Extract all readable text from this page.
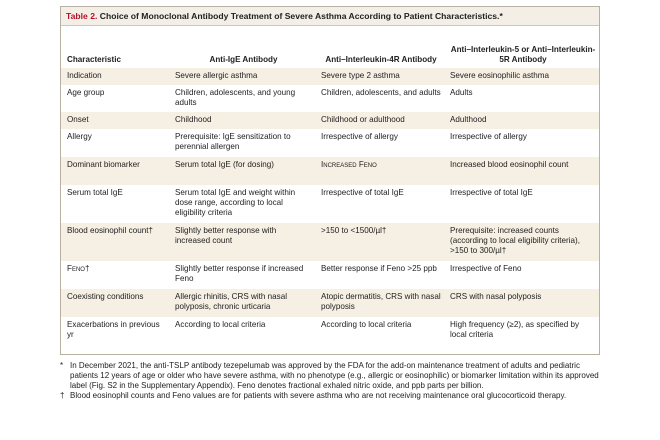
Table 2. Choice of Monoclonal Antibody Treatment of Severe Asthma According to Patient Characteristics.*
Characteristic	Anti-IgE Antibody	Anti–Interleukin-4R Antibody	Anti–Interleukin-5 or Anti–Interleukin-5R Antibody
Indication	Severe allergic asthma	Severe type 2 asthma	Severe eosinophilic asthma
Age group	Children, adolescents, and young adults	Children, adolescents, and adults	Adults
Onset	Childhood	Childhood or adulthood	Adulthood
Allergy	Prerequisite: IgE sensitization to perennial allergen	Irrespective of allergy	Irrespective of allergy
Dominant biomarker	Serum total IgE (for dosing)	Increased Feno	Increased blood eosinophil count
Serum total IgE	Serum total IgE and weight within dose range, according to local eligibility criteria	Irrespective of total IgE	Irrespective of total IgE
Blood eosinophil count†	Slightly better response with increased count	>150 to <1500/µl†	Prerequisite: increased counts (according to local eligibility criteria), >150 to 300/µl†
Feno†	Slightly better response if increased Feno	Better response if Feno >25 ppb	Irrespective of Feno
Coexisting conditions	Allergic rhinitis, CRS with nasal polyposis, chronic urticaria	Atopic dermatitis, CRS with nasal polyposis	CRS with nasal polyposis
Exacerbations in previous yr	According to local criteria	According to local criteria	High frequency (≥2), as specified by local criteria

* In December 2021, the anti-TSLP antibody tezepelumab was approved by the FDA for the add-on maintenance treatment of adults and pediatric patients 12 years of age or older who have severe asthma, with no phenotype (e.g., allergic or eosinophilic) or biomarker limitation within its approved label (Fig. S2 in the Supplementary Appendix). Feno denotes fractional exhaled nitric oxide, and ppb parts per billion.

† Blood eosinophil counts and Feno values are for patients with severe asthma who are not receiving maintenance oral glucocorticoid therapy.
